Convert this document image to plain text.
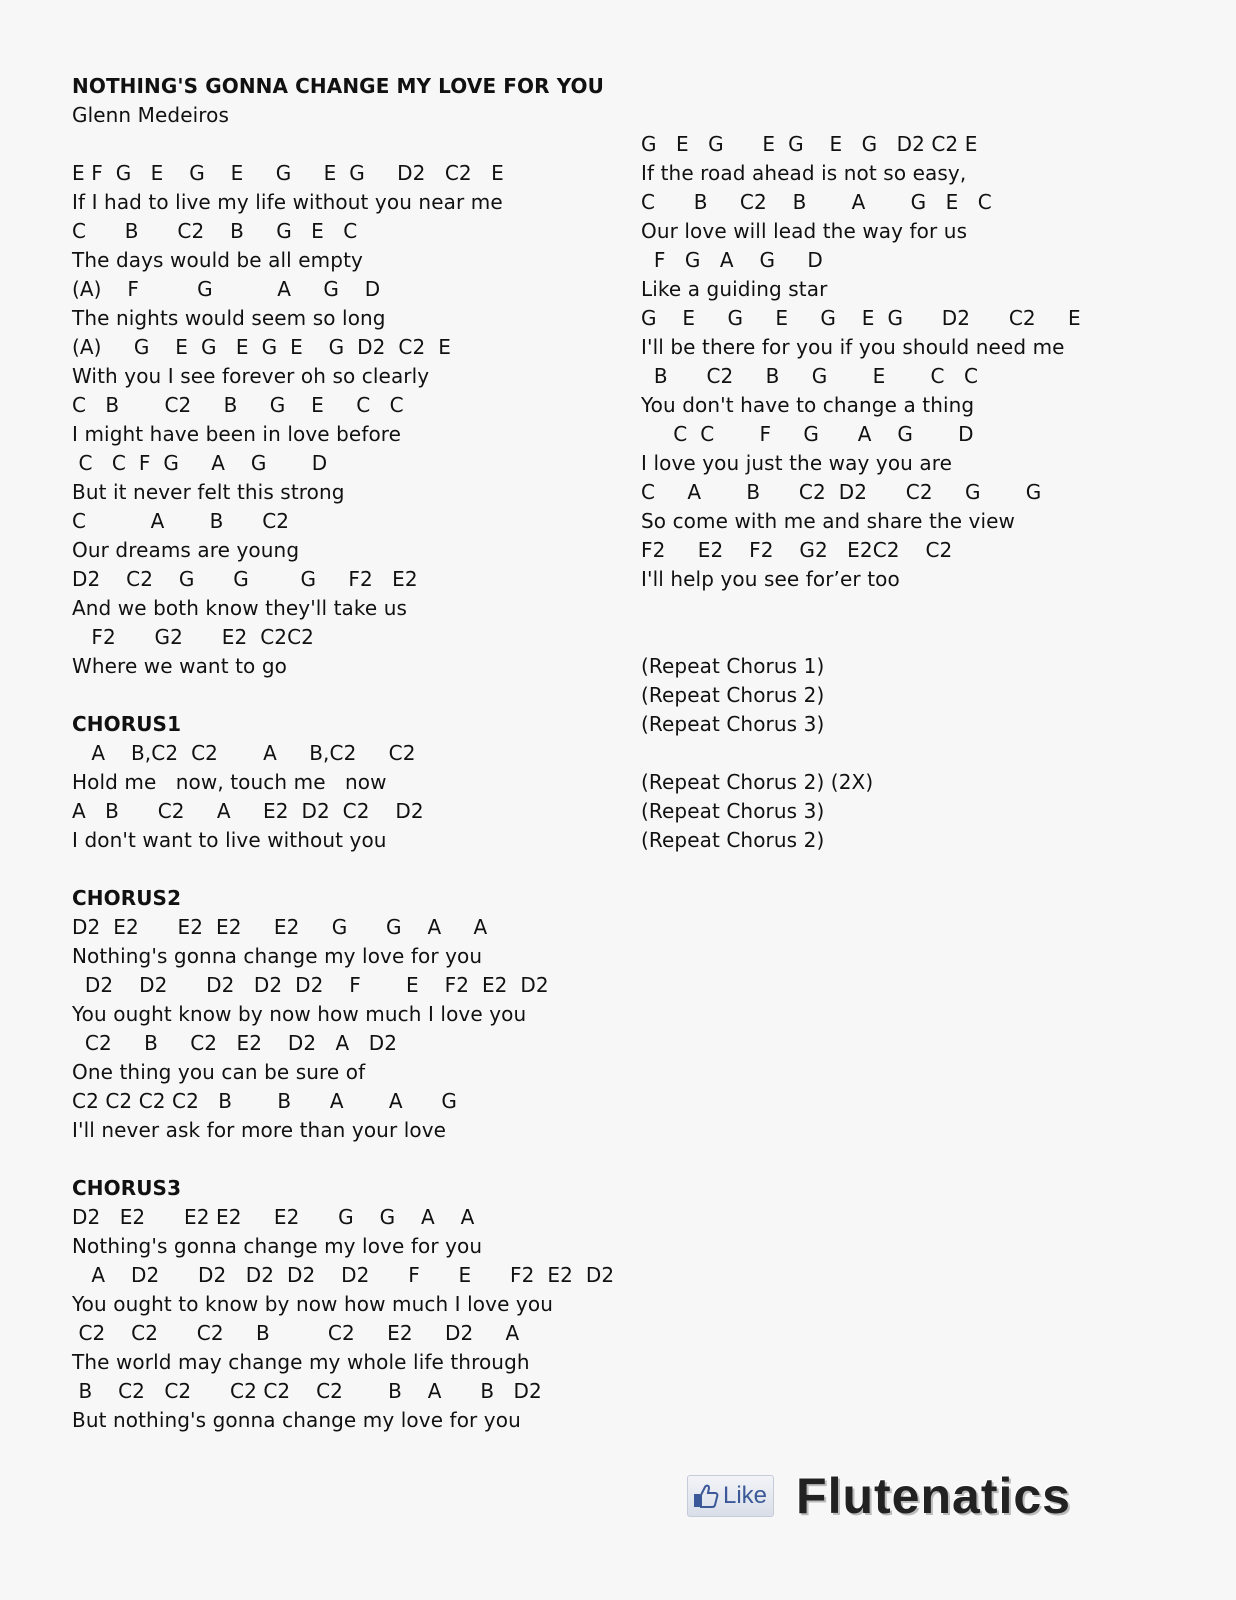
NOTHING'S GONNA CHANGE MY LOVE FOR YOU
Glenn Medeiros
E F  G   E    G    E     G     E  G     D2   C2   E
If I had to live my life without you near me
C      B      C2    B     G   E   C
The days would be all empty
(A)    F         G          A     G    D
The nights would seem so long
(A)     G    E  G   E  G  E    G  D2  C2  E
With you I see forever oh so clearly
C   B       C2     B     G    E     C   C
I might have been in love before
C   C  F  G     A    G       D
But it never felt this strong
C          A       B      C2
Our dreams are young
D2    C2    G      G        G     F2   E2
And we both know they'll take us
F2      G2      E2  C2C2
Where we want to go
CHORUS1
A    B,C2  C2       A     B,C2     C2
Hold me   now, touch me   now
A   B      C2     A     E2  D2  C2    D2
I don't want to live without you
CHORUS2
D2  E2      E2  E2     E2     G      G    A     A
Nothing's gonna change my love for you
D2    D2      D2   D2  D2    F       E    F2  E2  D2
You ought know by now how much I love you
C2     B     C2   E2    D2   A   D2
One thing you can be sure of
C2 C2 C2 C2   B       B      A       A      G
I'll never ask for more than your love
CHORUS3
D2   E2      E2 E2     E2      G    G    A    A
Nothing's gonna change my love for you
A    D2      D2   D2  D2    D2      F      E      F2  E2  D2
You ought to know by now how much I love you
C2    C2      C2     B         C2     E2     D2     A
The world may change my whole life through
B    C2   C2      C2 C2    C2       B    A      B   D2
But nothing's gonna change my love for you
G   E   G      E  G    E   G   D2 C2 E
If the road ahead is not so easy,
C      B     C2    B       A       G   E   C
Our love will lead the way for us
F   G   A    G     D
Like a guiding star
G    E     G     E     G    E  G      D2      C2     E
I'll be there for you if you should need me
B      C2     B     G       E       C   C
You don't have to change a thing
C  C       F     G      A    G       D
I love you just the way you are
C     A       B      C2  D2      C2     G       G
So come with me and share the view
F2     E2    F2    G2   E2C2    C2
I'll help you see for’er too
(Repeat Chorus 1)
(Repeat Chorus 2)
(Repeat Chorus 3)
(Repeat Chorus 2) (2X)
(Repeat Chorus 3)
(Repeat Chorus 2)
Like Flutenatics
